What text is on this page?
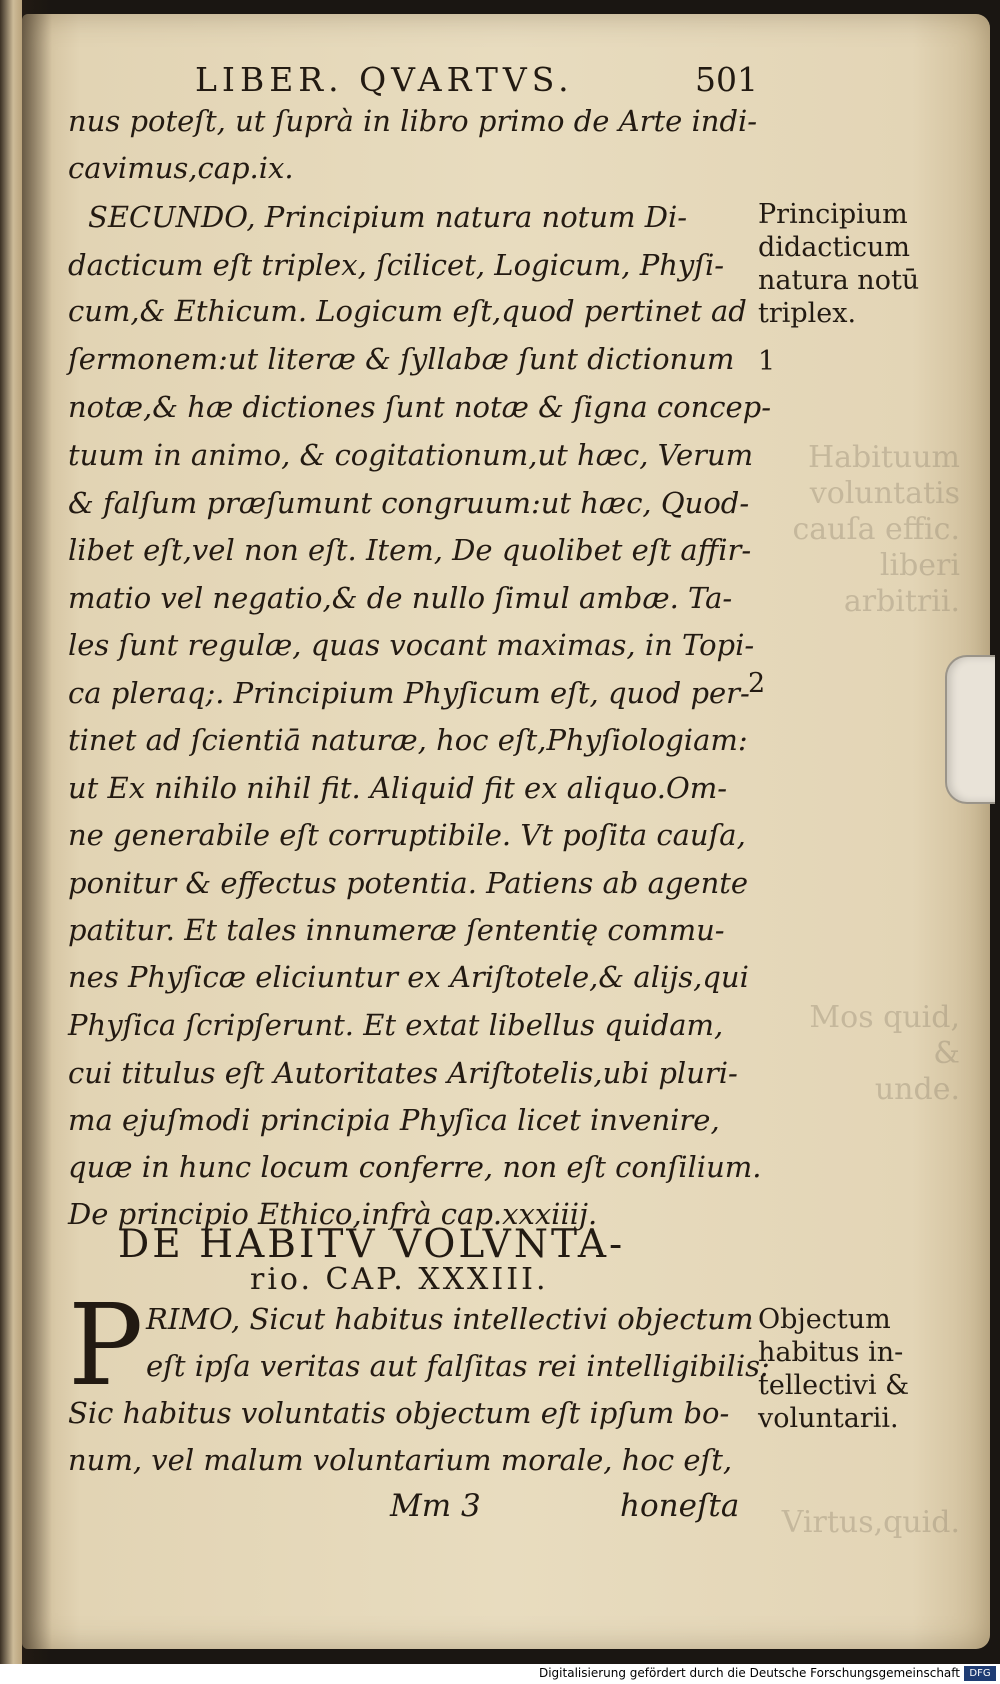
Habituum
voluntatis
cauſa effic.
liberi arbitrii.
Mos quid, &
unde.
Virtus,quid.
LIBER. QVARTVS.	501
nus poteſt, ut ſuprà in libro primo de Arte indi-
cavimus,cap.ix.
SECUNDO, Principium natura notum Di-
dacticum eſt triplex, ſcilicet, Logicum, Phyſi-
cum,& Ethicum. Logicum eſt,quod pertinet ad
ſermonem:ut literæ & ſyllabæ ſunt dictionum
notæ,& hæ dictiones ſunt notæ & ſigna concep-
tuum in animo, & cogitationum,ut hæc, Verum
& falſum præſumunt congruum:ut hæc, Quod-
libet eſt,vel non eſt. Item, De quolibet eſt affir-
matio vel negatio,& de nullo ſimul ambæ. Ta-
les ſunt regulæ, quas vocant maximas, in Topi-
ca pleraq;. Principium Phyſicum eſt, quod per-
tinet ad ſcientiā naturæ, hoc eſt,Phyſiologiam:
ut Ex nihilo nihil fit. Aliquid fit ex aliquo.Om-
ne generabile eſt corruptibile. Vt poſita cauſa,
ponitur & effectus potentia. Patiens ab agente
patitur. Et tales innumeræ ſententię commu-
nes Phyſicæ eliciuntur ex Ariſtotele,& alijs,qui
Phyſica ſcripſerunt. Et extat libellus quidam,
cui titulus eſt Autoritates Ariſtotelis,ubi pluri-
ma ejuſmodi principia Phyſica licet invenire,
quæ in hunc locum conferre, non eſt conſilium.
De principio Ethico,infrà cap.xxxiiij.
DE HABITV VOLVNTA-
rio. CAP. XXXIII.
P RIMO, Sicut habitus intellectivi objectum
eſt ipſa veritas aut falſitas rei intelligibilis:
Sic habitus voluntatis objectum eſt ipſum bo-
num, vel malum voluntarium morale, hoc eſt,
Mm 3	honeſta
Principium
didacticum
natura notū
triplex.
1
2
Objectum
habitus in-
tellectivi &
voluntarii.
Digitalisierung gefördert durch die Deutsche Forschungsgemeinschaft DFG
